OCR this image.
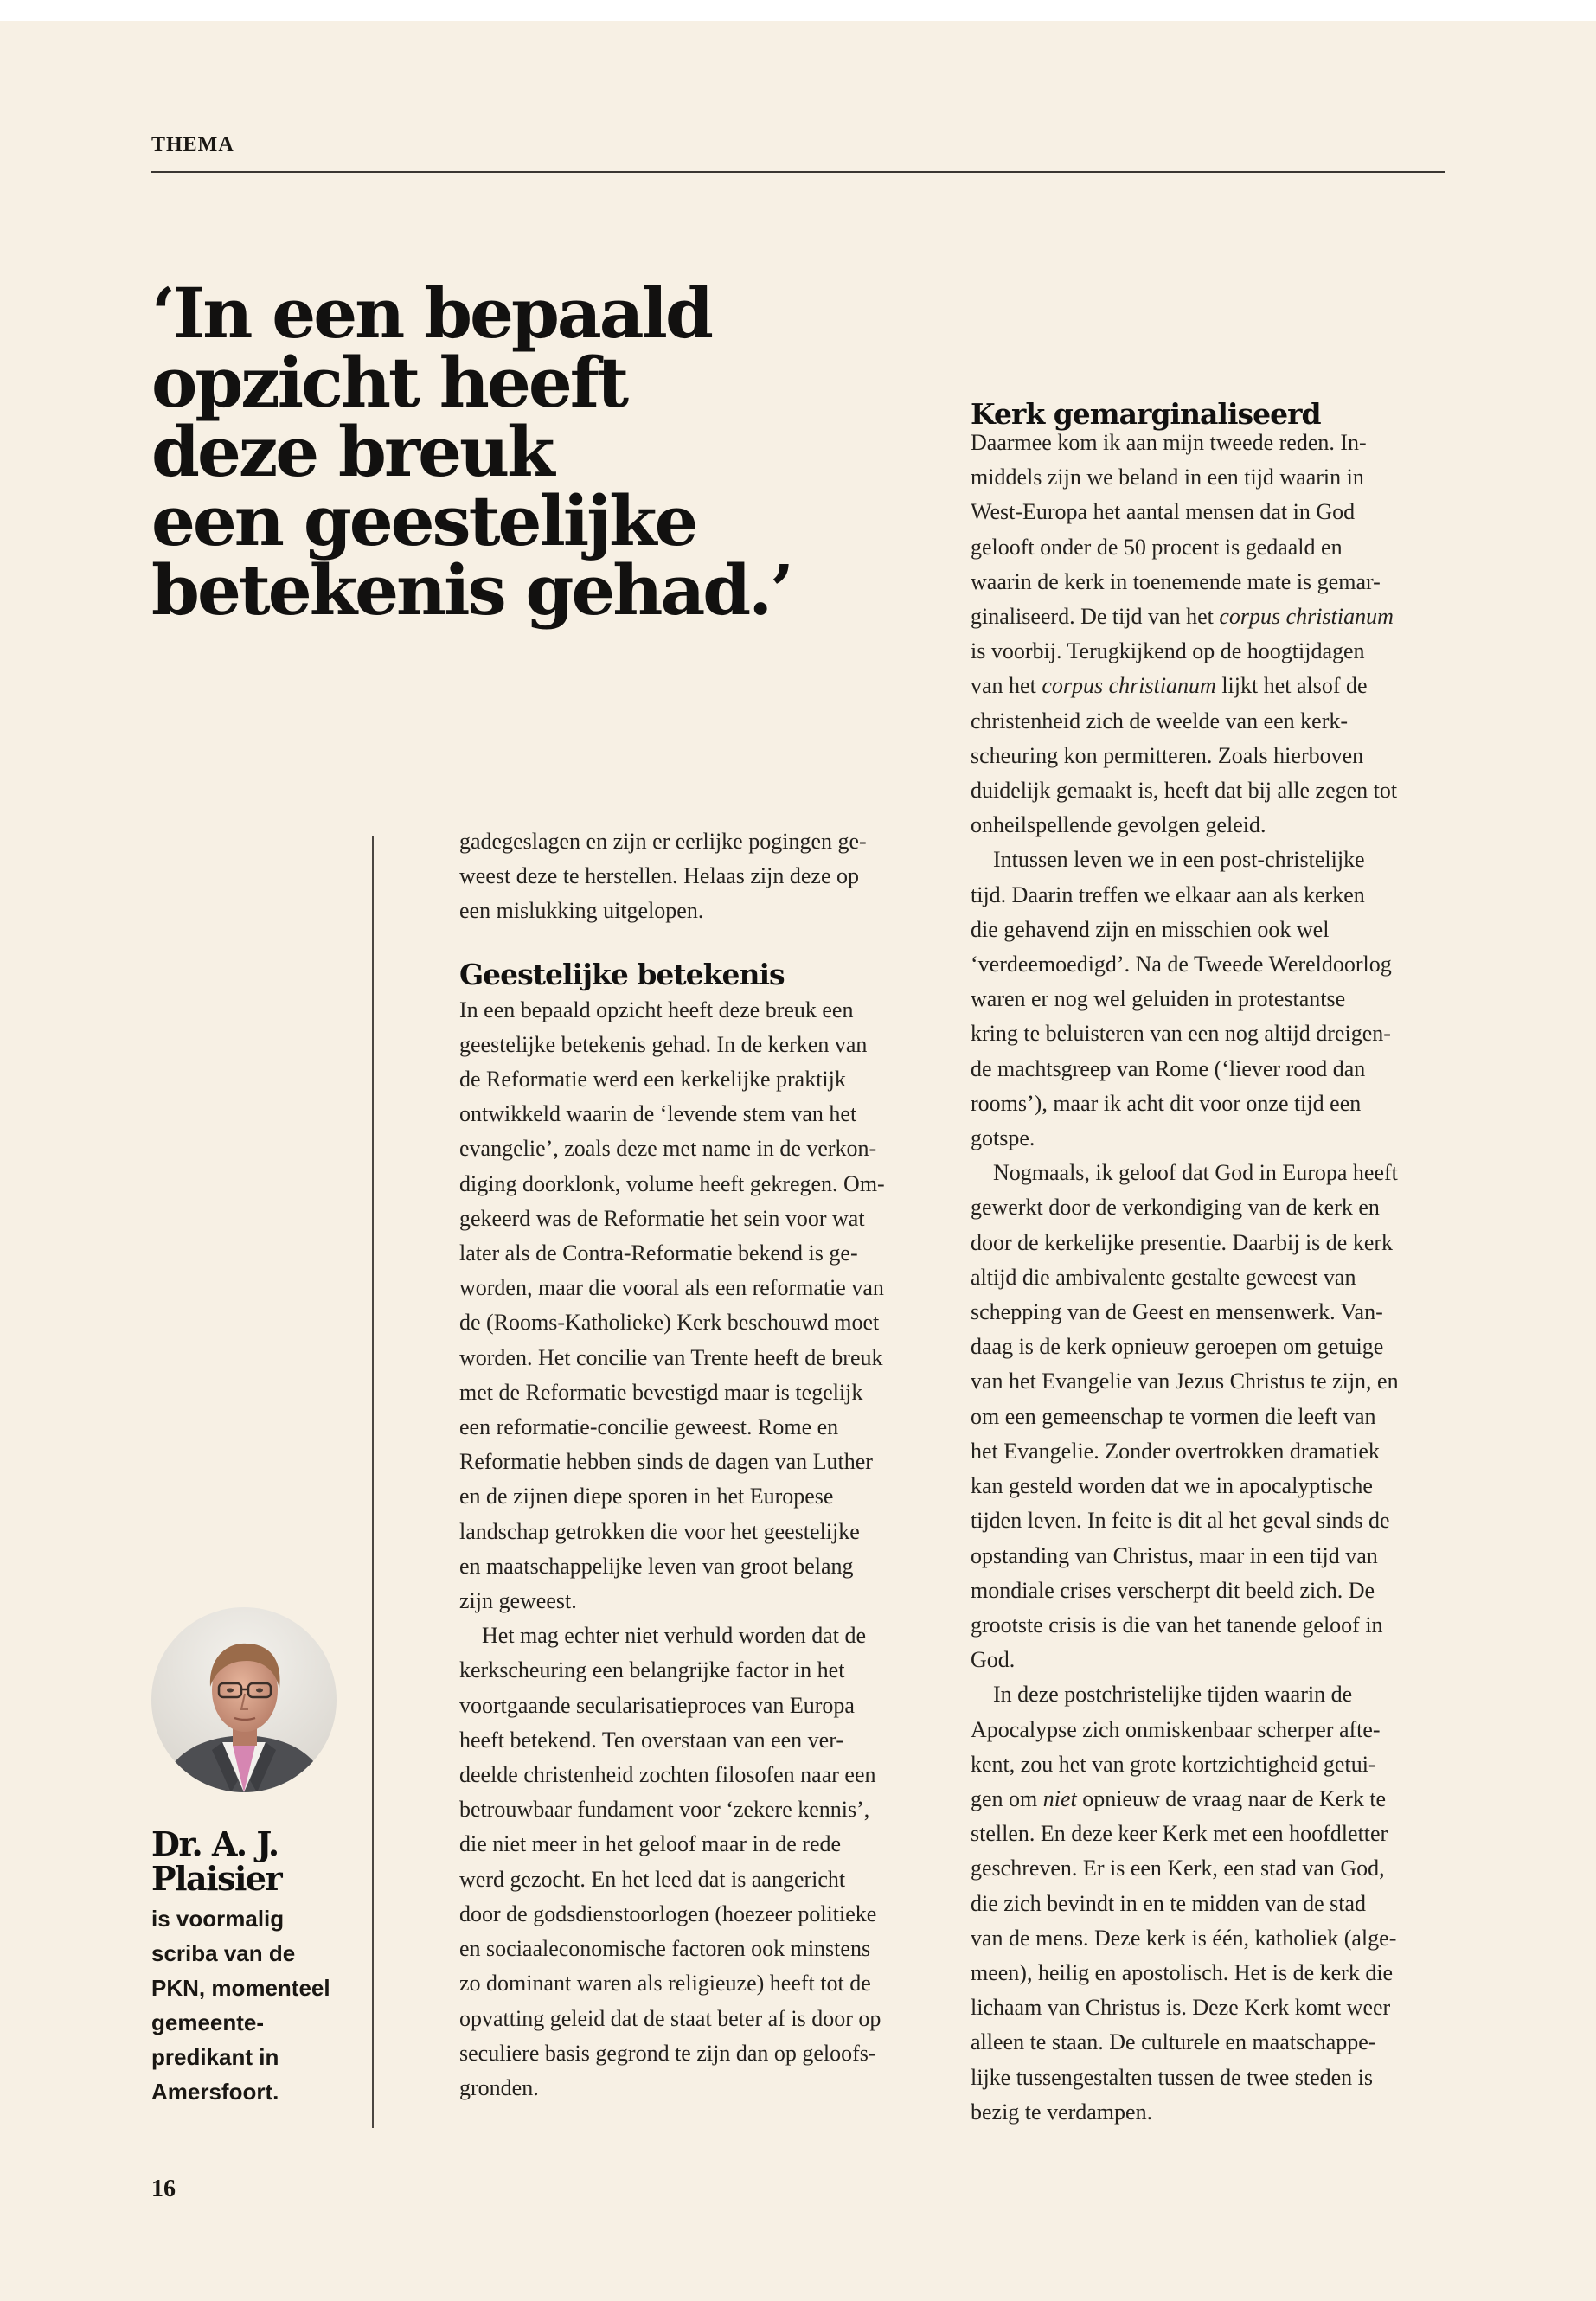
THEMA
‘In een bepaald
opzicht heeft
deze breuk
een geestelijke
betekenis gehad.’
Dr. A. J.
Plaisier
is voormalig
scriba van de
PKN, momenteel
gemeente-
predikant in
Amersfoort.

gadegeslagen en zijn er eerlijke pogingen ge-
weest deze te herstellen. Helaas zijn deze op
een mislukking uitgelopen.

Geestelijke betekenis

In een bepaald opzicht heeft deze breuk een
geestelijke betekenis gehad. In de kerken van
de Reformatie werd een kerkelijke praktijk
ontwikkeld waarin de ‘levende stem van het
evangelie’, zoals deze met name in de verkon-
diging doorklonk, volume heeft gekregen. Om-
gekeerd was de Reformatie het sein voor wat
later als de Contra-Reformatie bekend is ge-
worden, maar die vooral als een reformatie van
de (Rooms-Katholieke) Kerk beschouwd moet
worden. Het concilie van Trente heeft de breuk
met de Reformatie bevestigd maar is tegelijk
een reformatie-concilie geweest. Rome en
Reformatie hebben sinds de dagen van Luther
en de zijnen diepe sporen in het Europese
landschap getrokken die voor het geestelijke
en maatschappelijke leven van groot belang
zijn geweest.

Het mag echter niet verhuld worden dat de
kerkscheuring een belangrijke factor in het
voortgaande secularisatieproces van Europa
heeft betekend. Ten overstaan van een ver-
deelde christenheid zochten filosofen naar een
betrouwbaar fundament voor ‘zekere kennis’,
die niet meer in het geloof maar in de rede
werd gezocht. En het leed dat is aangericht
door de godsdienstoorlogen (hoezeer politieke
en sociaaleconomische factoren ook minstens
zo dominant waren als religieuze) heeft tot de
opvatting geleid dat de staat beter af is door op
seculiere basis gegrond te zijn dan op geloofs-
gronden.

Kerk gemarginaliseerd

Daarmee kom ik aan mijn tweede reden. In-
middels zijn we beland in een tijd waarin in
West-Europa het aantal mensen dat in God
gelooft onder de 50 procent is gedaald en
waarin de kerk in toenemende mate is gemar-
ginaliseerd. De tijd van het corpus christianum
is voorbij. Terugkijkend op de hoogtijdagen
van het corpus christianum lijkt het alsof de
christenheid zich de weelde van een kerk-
scheuring kon permitteren. Zoals hierboven
duidelijk gemaakt is, heeft dat bij alle zegen tot
onheilspellende gevolgen geleid.

Intussen leven we in een post-christelijke
tijd. Daarin treffen we elkaar aan als kerken
die gehavend zijn en misschien ook wel
‘verdeemoedigd’. Na de Tweede Wereldoorlog
waren er nog wel geluiden in protestantse
kring te beluisteren van een nog altijd dreigen-
de machtsgreep van Rome (‘liever rood dan
rooms’), maar ik acht dit voor onze tijd een
gotspe.

Nogmaals, ik geloof dat God in Europa heeft
gewerkt door de verkondiging van de kerk en
door de kerkelijke presentie. Daarbij is de kerk
altijd die ambivalente gestalte geweest van
schepping van de Geest en mensenwerk. Van-
daag is de kerk opnieuw geroepen om getuige
van het Evangelie van Jezus Christus te zijn, en
om een gemeenschap te vormen die leeft van
het Evangelie. Zonder overtrokken dramatiek
kan gesteld worden dat we in apocalyptische
tijden leven. In feite is dit al het geval sinds de
opstanding van Christus, maar in een tijd van
mondiale crises verscherpt dit beeld zich. De
grootste crisis is die van het tanende geloof in
God.

In deze postchristelijke tijden waarin de
Apocalypse zich onmiskenbaar scherper afte-
kent, zou het van grote kortzichtigheid getui-
gen om niet opnieuw de vraag naar de Kerk te
stellen. En deze keer Kerk met een hoofdletter
geschreven. Er is een Kerk, een stad van God,
die zich bevindt in en te midden van de stad
van de mens. Deze kerk is één, katholiek (alge-
meen), heilig en apostolisch. Het is de kerk die
lichaam van Christus is. Deze Kerk komt weer
alleen te staan. De culturele en maatschappe-
lijke tussengestalten tussen de twee steden is
bezig te verdampen.

16
